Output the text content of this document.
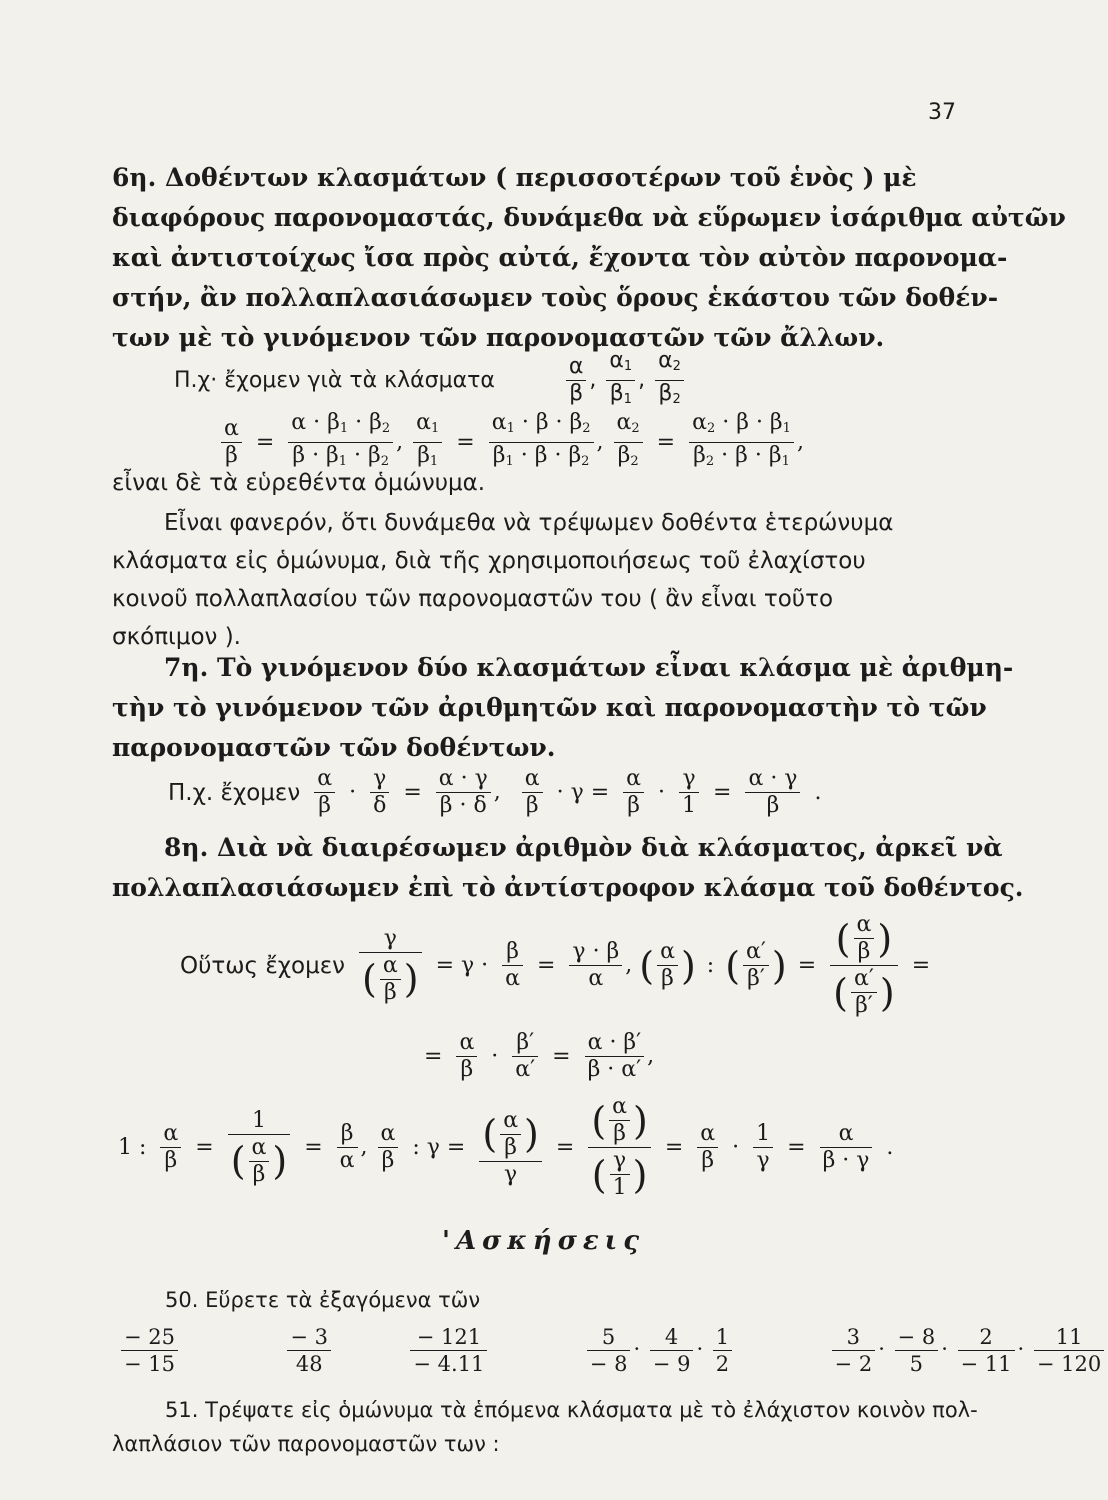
37
6η. Δοθέντων κλασμάτων ( περισσοτέρων τοῦ ἑνὸς ) μὲ
διαφόρους παρονομαστάς, δυνάμεθα νὰ εὕρωμεν ἰσάριθμα αὐτῶν
καὶ ἀντιστοίχως ἴσα πρὸς αὐτά, ἔχοντα τὸν αὐτὸν παρονομα-
στήν, ἂν πολλαπλασιάσωμεν τοὺς ὅρους ἑκάστου τῶν δοθέν-
των μὲ τὸ γινόμενον τῶν παρονομαστῶν τῶν ἄλλων.
Π.χ· ἔχομεν γιὰ τὰ κλάσματα	$\frac{\alpha}{\beta}$ , $\frac{\alpha_1}{\beta_1}$ , $\frac{\alpha_2}{\beta_2}$
$\frac{\alpha}{\beta} = \frac{\alpha \cdot \beta_1 \cdot \beta_2}{\beta \cdot \beta_1 \cdot \beta_2}$ , $\frac{\alpha_1}{\beta_1} = \frac{\alpha_1 \cdot \beta \cdot \beta_2}{\beta_1 \cdot \beta \cdot \beta_2}$ , $\frac{\alpha_2}{\beta_2} = \frac{\alpha_2 \cdot \beta \cdot \beta_1}{\beta_2 \cdot \beta \cdot \beta_1}$ ,
εἶναι δὲ τὰ εὑρεθέντα ὁμώνυμα.
Εἶναι φανερόν, ὅτι δυνάμεθα νὰ τρέψωμεν δοθέντα ἑτερώνυμα
κλάσματα εἰς ὁμώνυμα, διὰ τῆς χρησιμοποιήσεως τοῦ ἐλαχίστου
κοινοῦ πολλαπλασίου τῶν παρονομαστῶν του ( ἂν εἶναι τοῦτο
σκόπιμον ).
7η. Τὸ γινόμενον δύο κλασμάτων εἶναι κλάσμα μὲ ἀριθμη-
τὴν τὸ γινόμενον τῶν ἀριθμητῶν καὶ παρονομαστὴν τὸ τῶν
παρονομαστῶν τῶν δοθέντων.
Π.χ. ἔχομεν $\frac{\alpha}{\beta} \cdot \frac{\gamma}{\delta} = \frac{\alpha \cdot \gamma}{\beta \cdot \delta}$ , $\frac{\alpha}{\beta} \cdot \gamma = \frac{\alpha}{\beta} \cdot \frac{\gamma}{1} = \frac{\alpha \cdot \gamma}{\beta}$ .
8η. Διὰ νὰ διαιρέσωμεν ἀριθμὸν διὰ κλάσματος, ἀρκεῖ νὰ
πολλαπλασιάσωμεν ἐπὶ τὸ ἀντίστροφον κλάσμα τοῦ δοθέντος.
Οὕτως ἔχομεν $\frac{\gamma}{( \frac{\alpha}{\beta} )} = \gamma \cdot \frac{\beta}{\alpha} = \frac{\gamma \cdot \beta}{\alpha}$ , ( $\frac{\alpha}{\beta}$ ) : ( $\frac{\alpha'}{\beta'}$ ) = $\frac{( \frac{\alpha}{\beta} )}{( \frac{\alpha'}{\beta'} )}$ =
= $\frac{\alpha}{\beta} \cdot \frac{\beta'}{\alpha'} = \frac{\alpha \cdot \beta'}{\beta \cdot \alpha'}$ ,
1 : $\frac{\alpha}{\beta} = \frac{1}{( \frac{\alpha}{\beta} )} = \frac{\beta}{\alpha}$ , $\frac{\alpha}{\beta}$ : $\gamma = \frac{( \frac{\alpha}{\beta} )}{\gamma} = \frac{( \frac{\alpha}{\beta} )}{( \frac{\gamma}{1} )} = \frac{\alpha}{\beta} \cdot \frac{1}{\gamma} = \frac{\alpha}{\beta \cdot \gamma}$ .
'Ασκήσεις
50. Εὕρετε τὰ ἐξαγόμενα τῶν
$\frac{- 25}{- 15}$
	$\frac{- 3}{48}$
	$\frac{- 121}{- 4.11}$
	$\frac{5}{- 8} \cdot \frac{4}{- 9} \cdot \frac{1}{2}$
	$\frac{3}{- 2} \cdot \frac{- 8}{5} \cdot \frac{2}{- 11} \cdot \frac{11}{- 120}$
51. Τρέψατε εἰς ὁμώνυμα τὰ ἑπόμενα κλάσματα μὲ τὸ ἐλάχιστον κοινὸν πολ-
λαπλάσιον τῶν παρονομαστῶν των :
